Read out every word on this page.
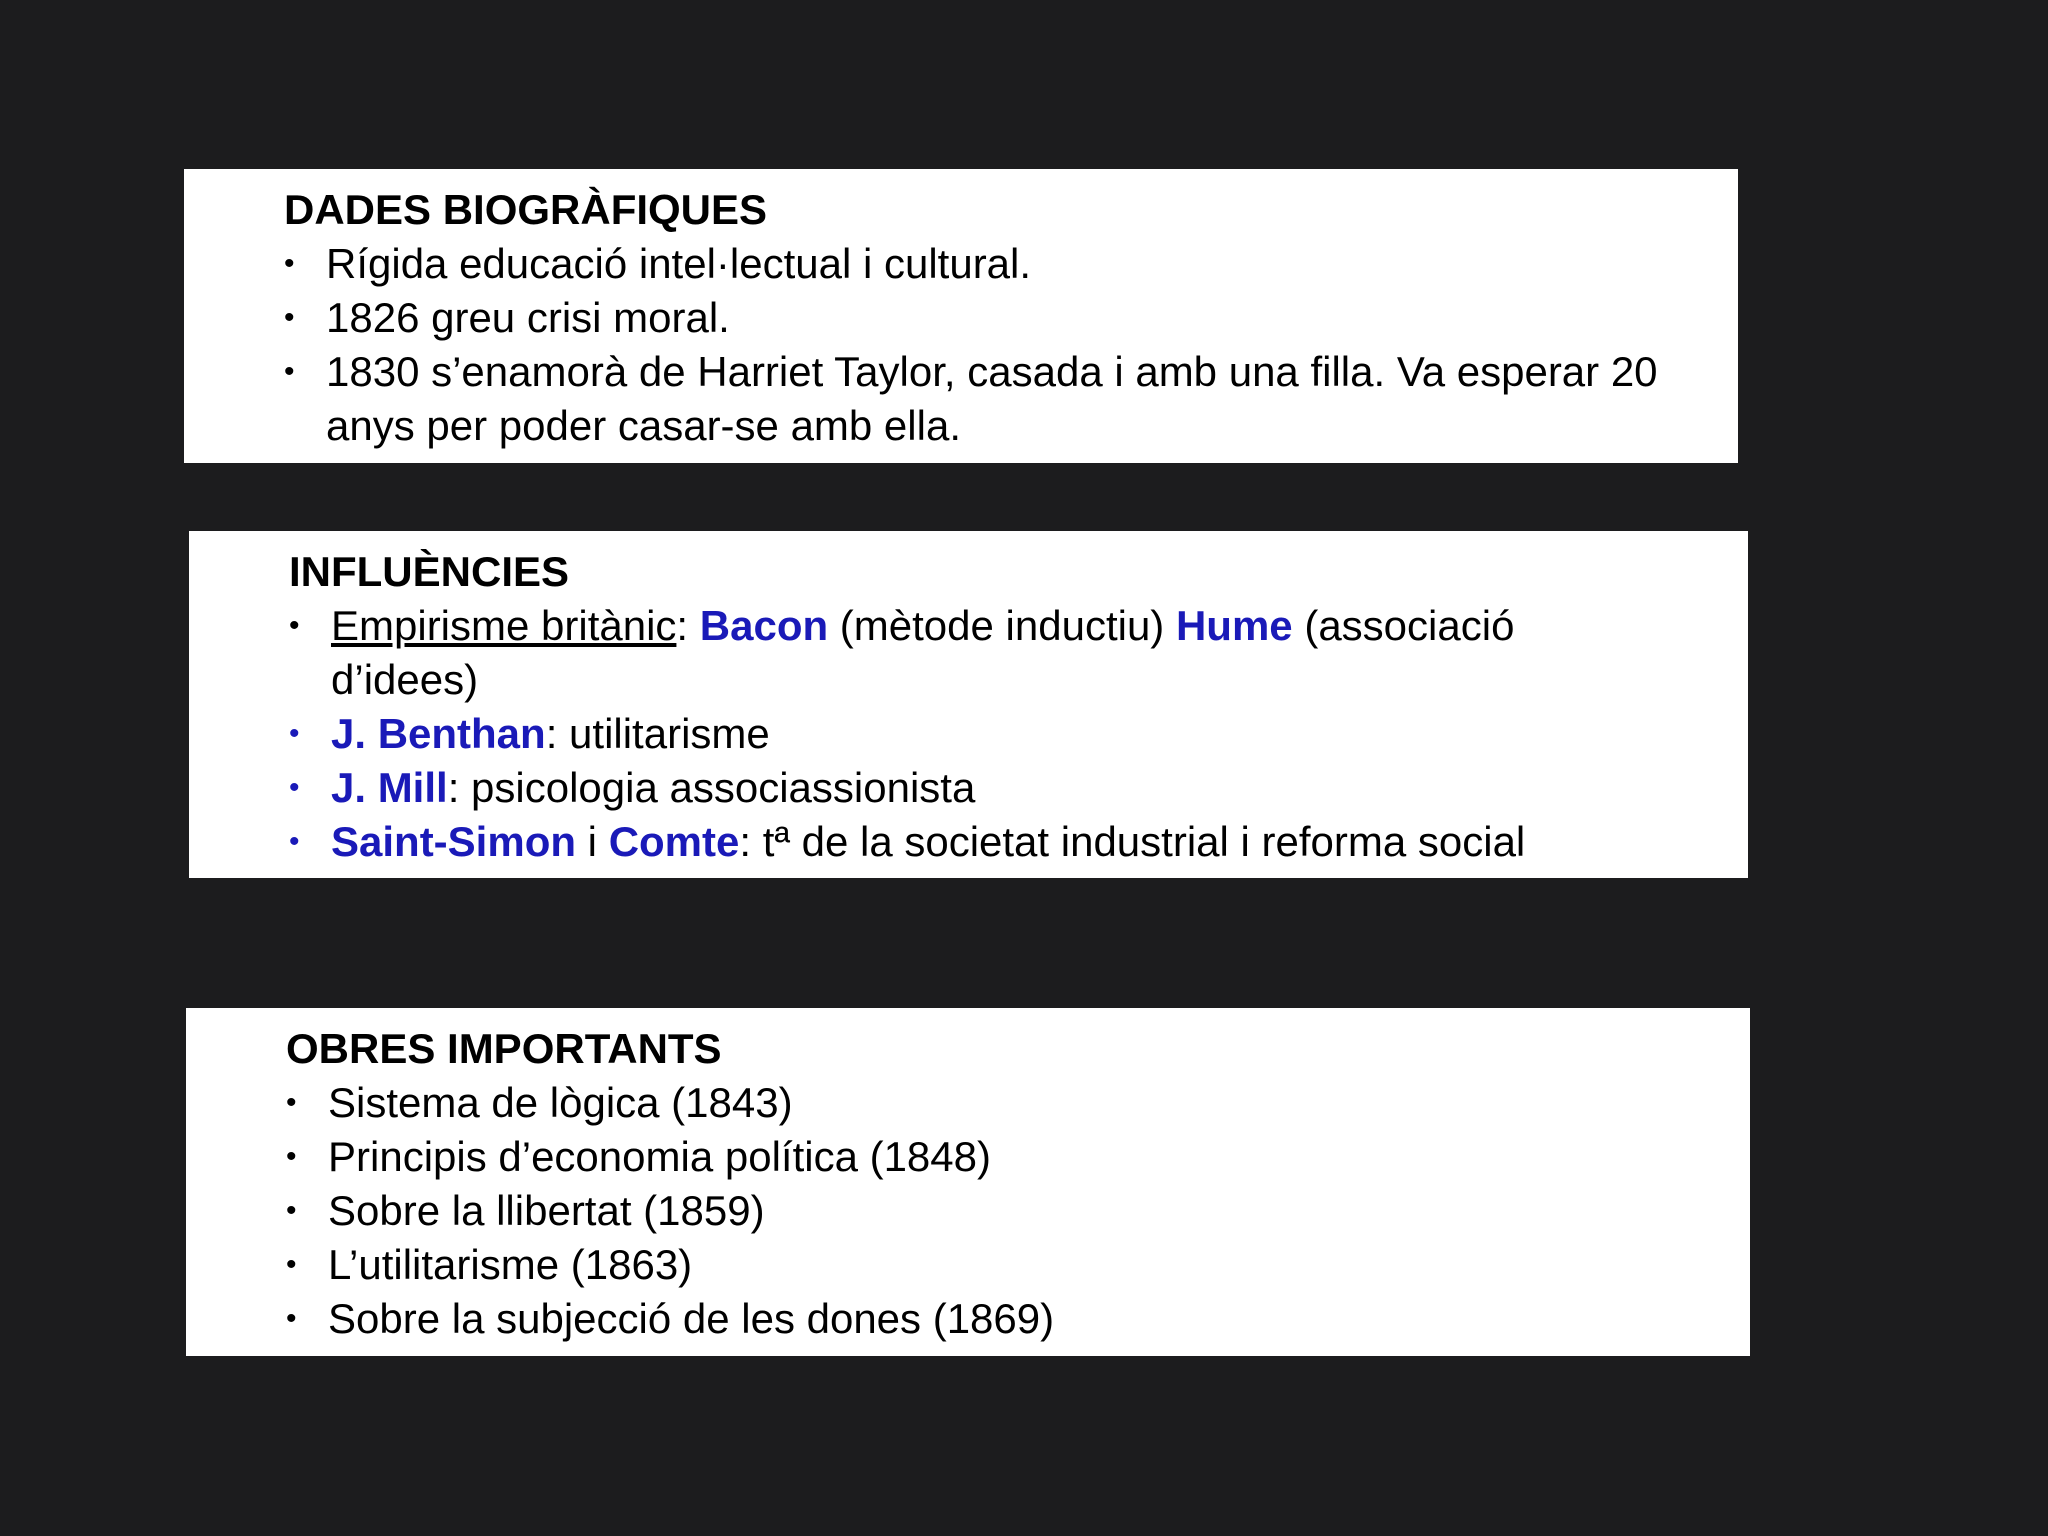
DADES BIOGRÀFIQUES
• Rígida educació intel·lectual i cultural.
• 1826 greu crisi moral.
• 1830 s’enamorà de Harriet Taylor, casada i amb una filla. Va esperar 20 anys per poder casar-se amb ella.
INFLUÈNCIES
• Empirisme britànic: Bacon (mètode inductiu) Hume (associació d’idees)
• J. Benthan: utilitarisme
• J. Mill: psicologia associassionista
• Saint-Simon i Comte: tª de la societat industrial i reforma social
OBRES IMPORTANTS
• Sistema de lògica (1843)
• Principis d’economia política (1848)
• Sobre la llibertat (1859)
• L’utilitarisme (1863)
• Sobre la subjecció de les dones (1869)
